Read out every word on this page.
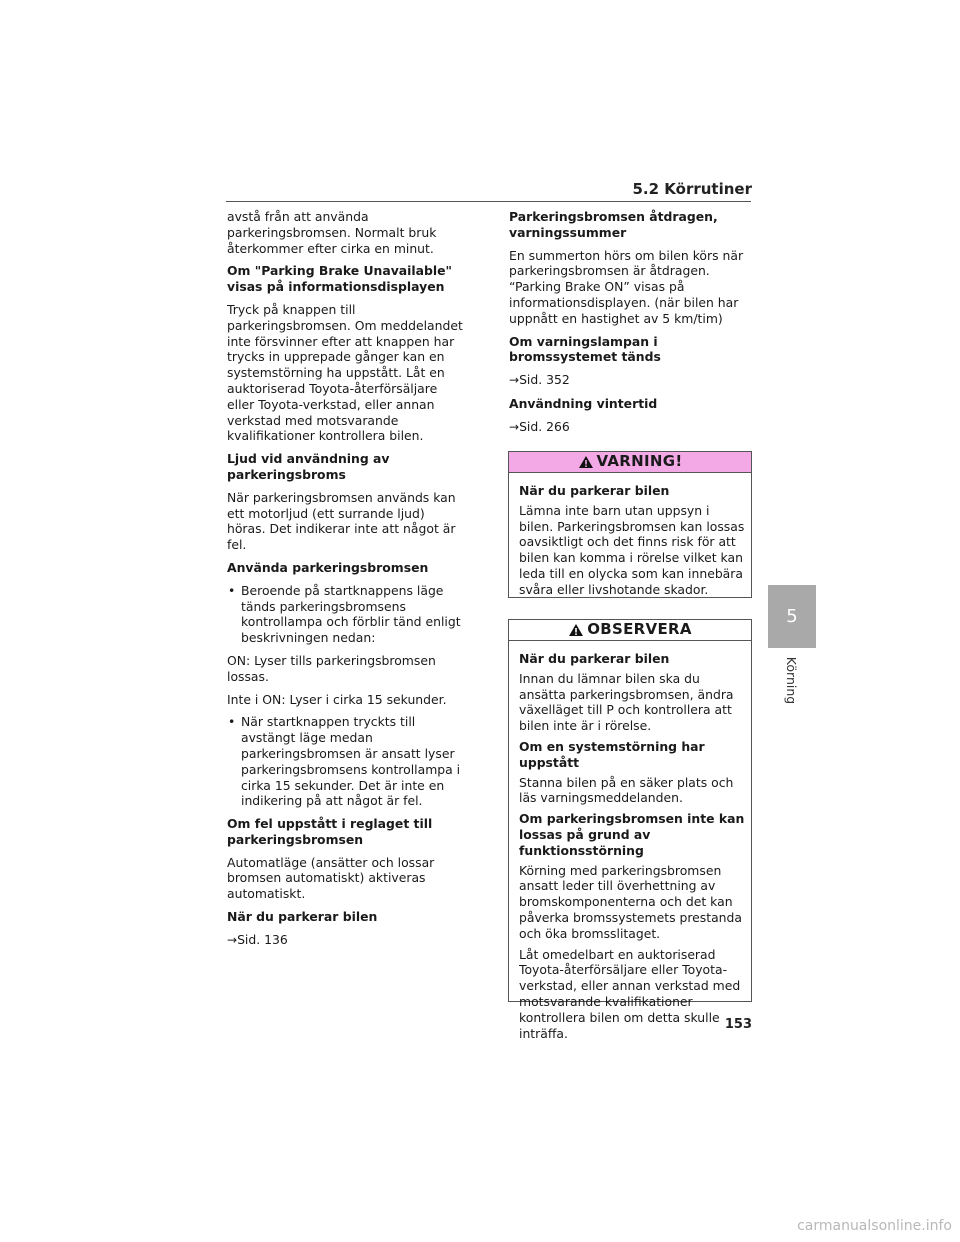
5.2 Körrutiner

avstå från att använda parkeringsbromsen. Normalt bruk återkommer efter cirka en minut.

Om "Parking Brake Unavailable" visas på informationsdisplayen

Tryck på knappen till parkeringsbromsen. Om meddelandet inte försvinner efter att knappen har trycks in upprepade gånger kan en systemstörning ha uppstått. Låt en auktoriserad Toyota-återförsäljare eller Toyota-verkstad, eller annan verkstad med motsvarande kvalifikationer kontrollera bilen.

Ljud vid användning av parkeringsbroms

När parkeringsbromsen används kan ett motorljud (ett surrande ljud) höras. Det indikerar inte att något är fel.

Använda parkeringsbromsen

• Beroende på startknappens läge tänds parkeringsbromsens kontrollampa och förblir tänd enligt beskrivningen nedan:

ON: Lyser tills parkeringsbromsen lossas.

Inte i ON: Lyser i cirka 15 sekunder.

• När startknappen tryckts till avstängt läge medan parkeringsbromsen är ansatt lyser parkeringsbromsens kontrollampa i cirka 15 sekunder. Det är inte en indikering på att något är fel.

Om fel uppstått i reglaget till parkeringsbromsen

Automatläge (ansätter och lossar bromsen automatiskt) aktiveras automatiskt.

När du parkerar bilen

→Sid. 136

Parkeringsbromsen åtdragen, varningssummer

En summerton hörs om bilen körs när parkeringsbromsen är åtdragen. “Parking Brake ON” visas på informationsdisplayen. (när bilen har uppnått en hastighet av 5 km/tim)

Om varningslampan i bromssystemet tänds

→Sid. 352

Användning vintertid

→Sid. 266

VARNING!

När du parkerar bilen

Lämna inte barn utan uppsyn i bilen. Parkeringsbromsen kan lossas oavsiktligt och det finns risk för att bilen kan komma i rörelse vilket kan leda till en olycka som kan innebära svåra eller livshotande skador.

OBSERVERA

När du parkerar bilen

Innan du lämnar bilen ska du ansätta parkeringsbromsen, ändra växelläget till P och kontrollera att bilen inte är i rörelse.

Om en systemstörning har uppstått

Stanna bilen på en säker plats och läs varningsmeddelanden.

Om parkeringsbromsen inte kan lossas på grund av funktionsstörning

Körning med parkeringsbromsen ansatt leder till överhettning av bromskomponenterna och det kan påverka bromssystemets prestanda och öka bromsslitaget.

Låt omedelbart en auktoriserad Toyota-återförsäljare eller Toyota-verkstad, eller annan verkstad med motsvarande kvalifikationer kontrollera bilen om detta skulle inträffa.

5
Körning
153
carmanualsonline.info
